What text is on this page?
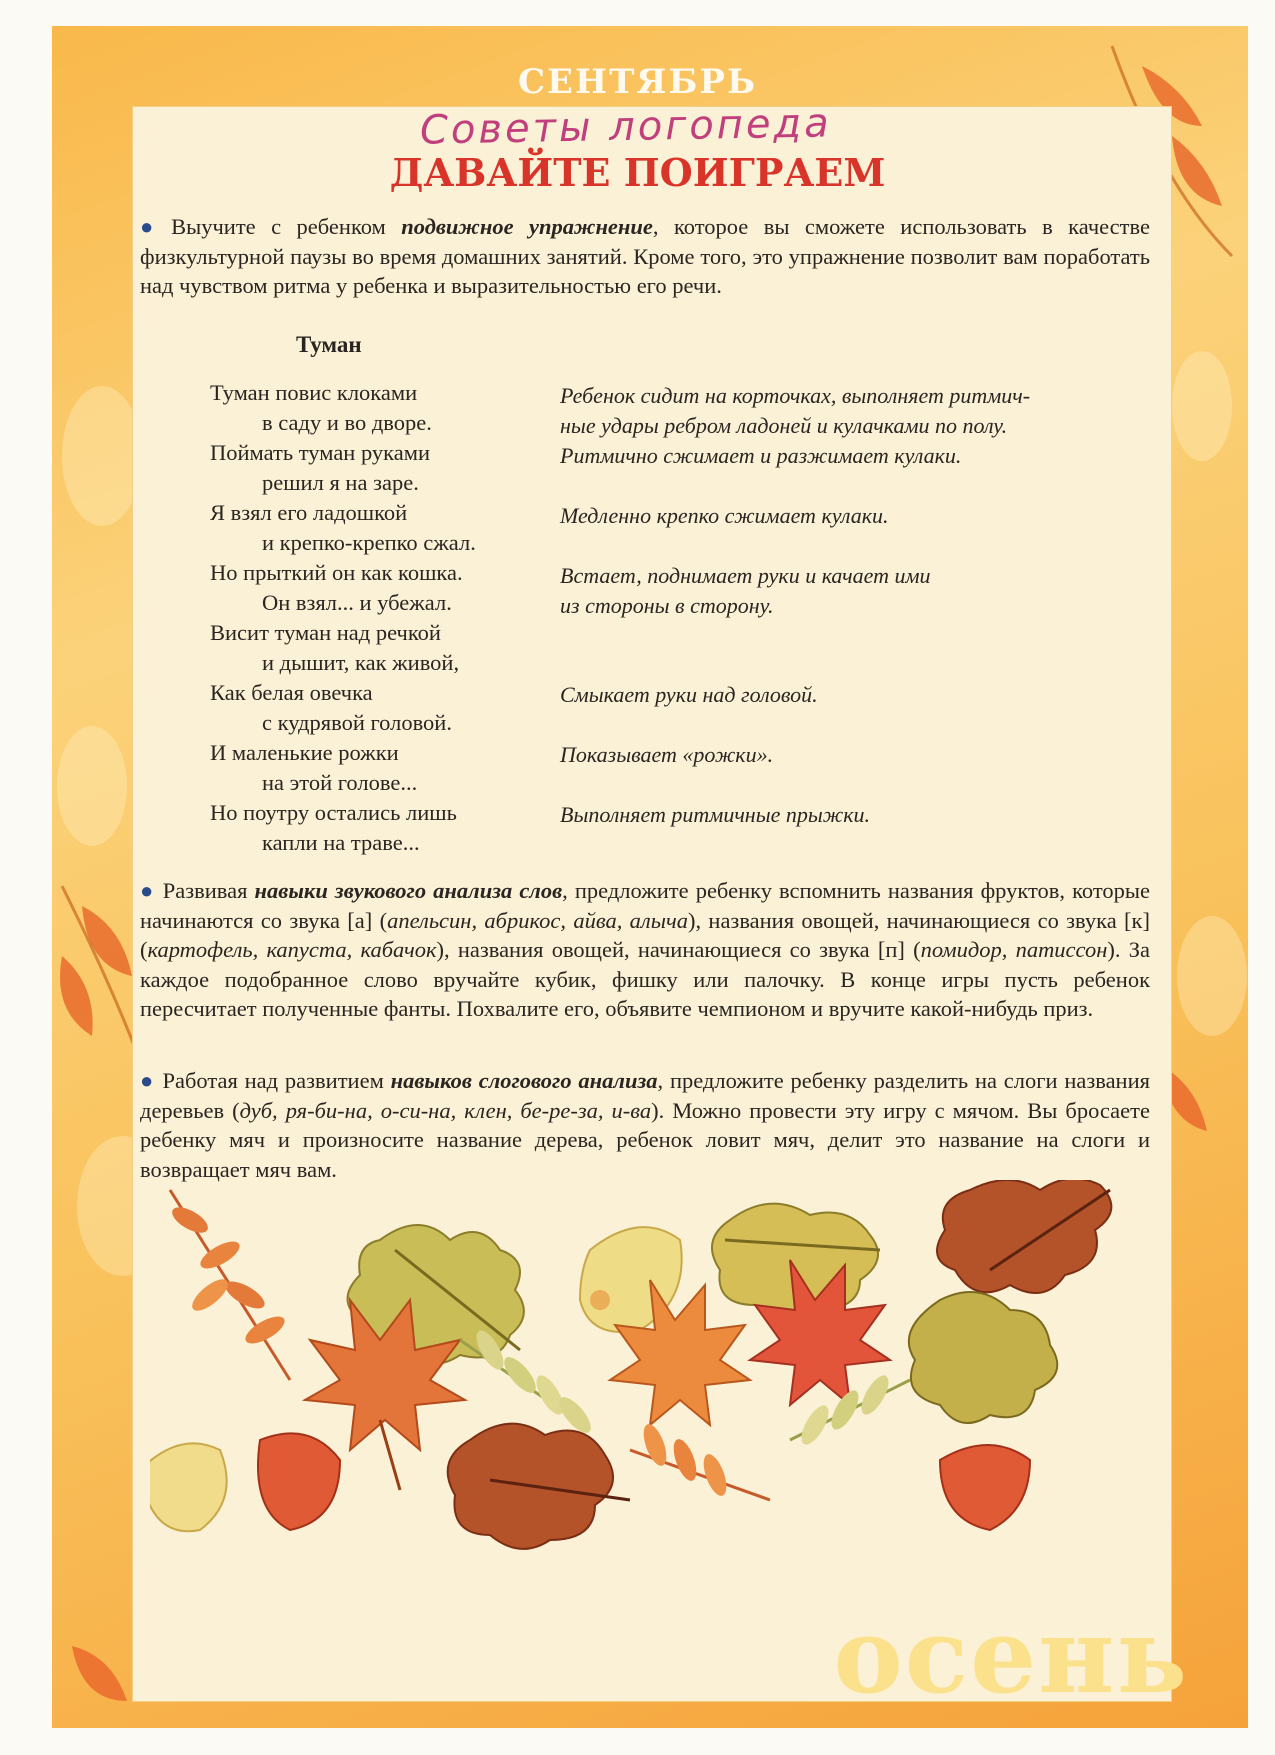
СЕНТЯБРЬ
Советы логопеда
ДАВАЙТЕ ПОИГРАЕМ
● Выучите с ребенком подвижное упражнение, которое вы сможете использовать в качестве физкультурной паузы во время домашних занятий. Кроме того, это упражнение позволит вам поработать над чувством ритма у ребенка и выразительностью его речи.
Туман
Туман повис клоками
в саду и во дворе.
Поймать туман руками
решил я на заре.
Я взял его ладошкой
и крепко-крепко сжал.
Но прыткий он как кошка.
Он взял... и убежал.
Висит туман над речкой
и дышит, как живой,
Как белая овечка
с кудрявой головой.
И маленькие рожки
на этой голове...
Но поутру остались лишь
капли на траве...
Ребенок сидит на корточках, выполняет ритмич-
ные удары ребром ладоней и кулачками по полу.
Ритмично сжимает и разжимает кулаки.
Медленно крепко сжимает кулаки.
Встает, поднимает руки и качает ими
из стороны в сторону.
Смыкает руки над головой.
Показывает «рожки».
Выполняет ритмичные прыжки.
● Развивая навыки звукового анализа слов, предложите ребенку вспомнить названия фруктов, которые начинаются со звука [а] (апельсин, абрикос, айва, алыча), названия овощей, начинающиеся со звука [к] (картофель, капуста, кабачок), названия овощей, начинающиеся со звука [п] (помидор, патиссон). За каждое подобранное слово вручайте кубик, фишку или палочку. В конце игры пусть ребенок пересчитает полученные фанты. Похвалите его, объявите чемпионом и вручите какой-нибудь приз.
● Работая над развитием навыков слогового анализа, предложите ребенку разделить на слоги названия деревьев (дуб, ря-би-на, о-си-на, клен, бе-ре-за, и-ва). Можно провести эту игру с мячом. Вы бросаете ребенку мяч и произносите название дерева, ребенок ловит мяч, делит это название на слоги и возвращает мяч вам.
осень
